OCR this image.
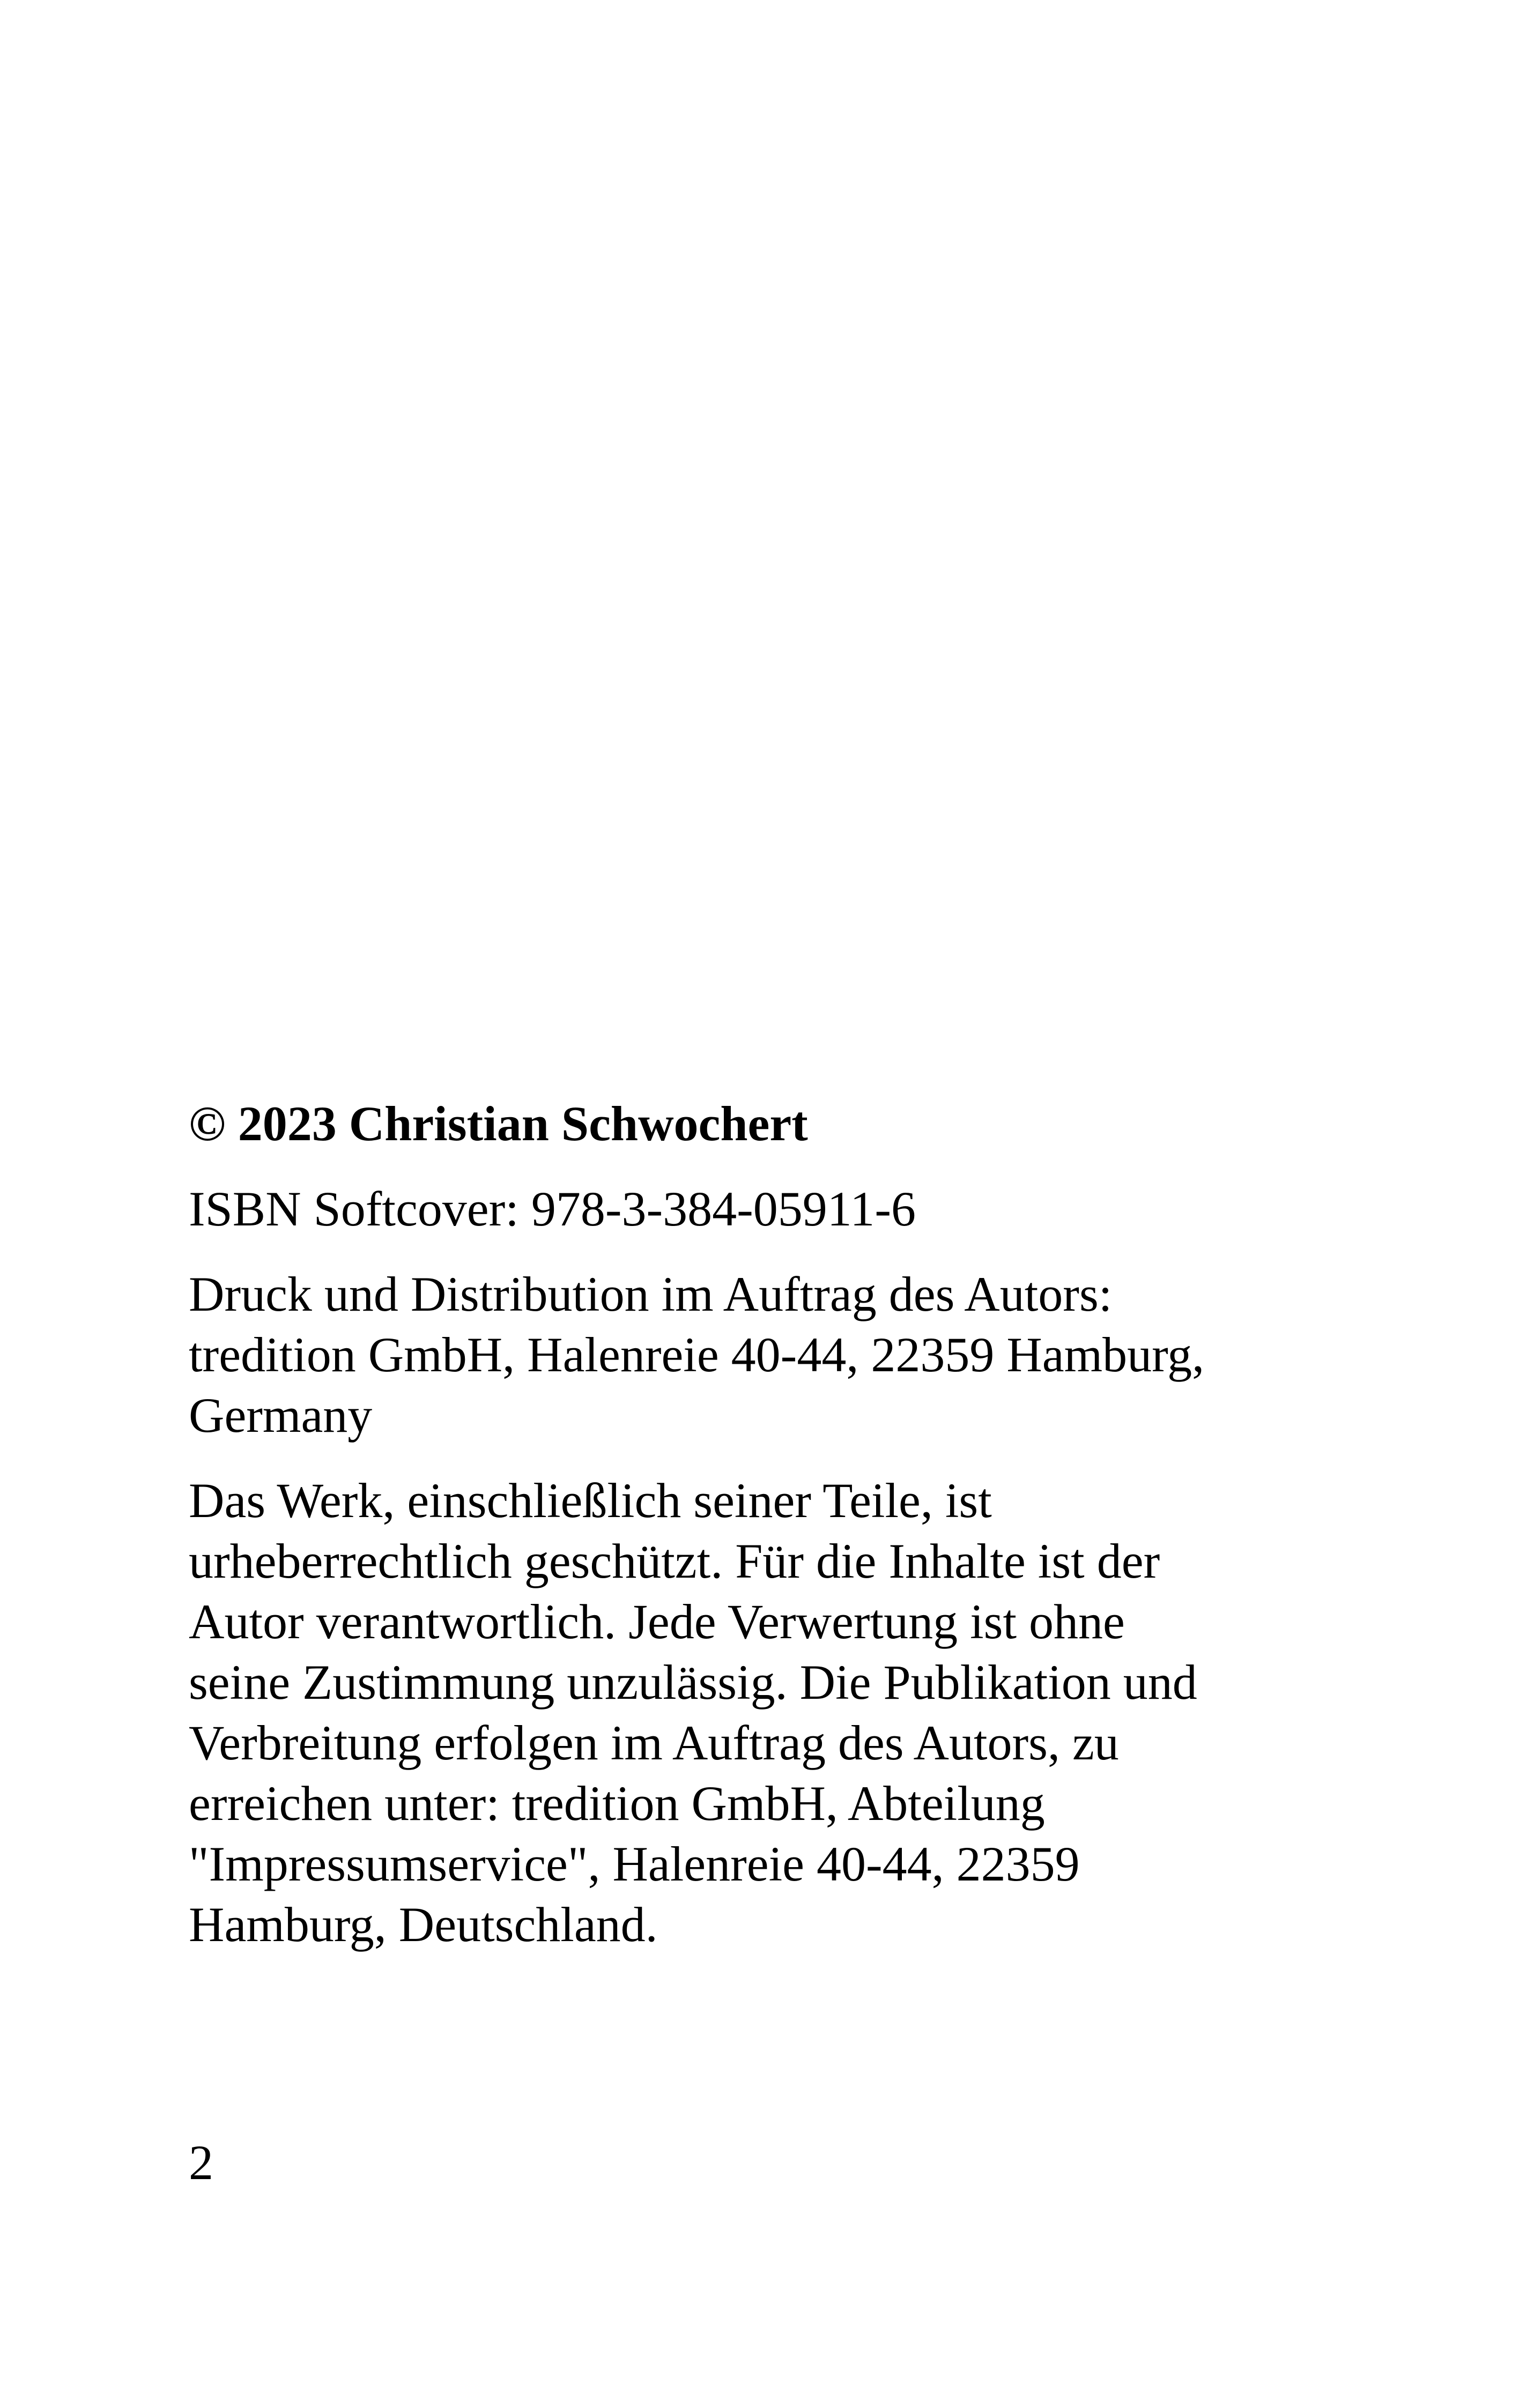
© 2023 Christian Schwochert

ISBN Softcover: 978-3-384-05911-6

Druck und Distribution im Auftrag des Autors:
tredition GmbH, Halenreie 40-44, 22359 Hamburg,
Germany

Das Werk, einschließlich seiner Teile, ist
urheberrechtlich geschützt. Für die Inhalte ist der
Autor verantwortlich. Jede Verwertung ist ohne
seine Zustimmung unzulässig. Die Publikation und
Verbreitung erfolgen im Auftrag des Autors, zu
erreichen unter: tredition GmbH, Abteilung
"Impressumservice", Halenreie 40-44, 22359
Hamburg, Deutschland.

2
